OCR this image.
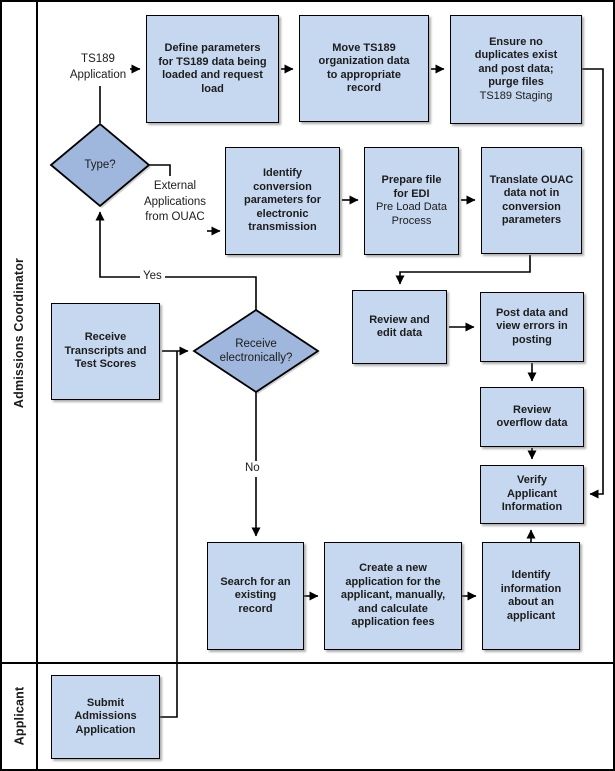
Admissions Coordinator
Applicant
Define parameters for TS189 data being loaded and request load
Move TS189 organization data to appropriate record
Ensure no duplicates exist and post data; purge files
TS189 Staging
Identify conversion parameters for electronic transmission
Prepare file for EDI
Pre Load Data Process
Translate OUAC data not in conversion parameters
Receive Transcripts and Test Scores
Review and edit data
Post data and view errors in posting
Review overflow data
Verify Applicant Information
Search for an existing record
Create a new application for the applicant, manually, and calculate application fees
Identify information about an applicant
Submit Admissions Application
Type?
Receive electronically?
TS189 Application
External Applications from OUAC
Yes
No
